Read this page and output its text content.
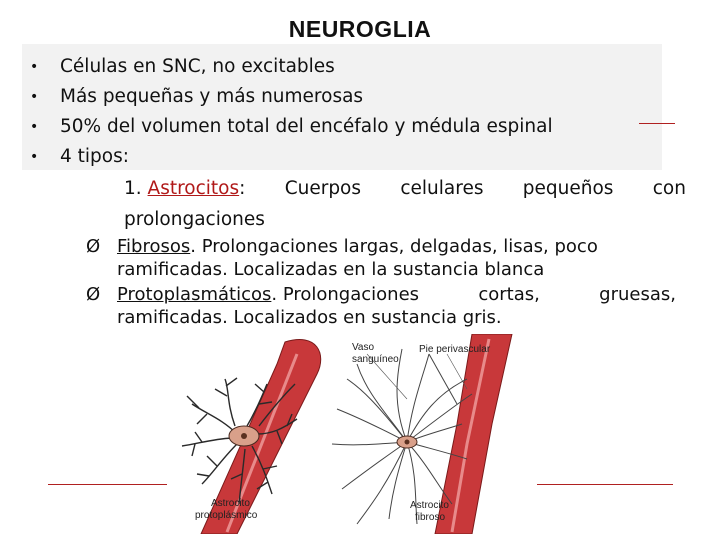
NEUROGLIA
• Células en SNC, no excitables
• Más pequeñas y más numerosas
• 50% del volumen total del encéfalo y médula espinal
• 4 tipos:
1. Astrocitos: Cuerpos celulares pequeños con
prolongaciones
Ø Fibrosos. Prolongaciones largas, delgadas, lisas, poco
ramificadas. Localizadas en la sustancia blanca
Ø Protoplasmáticos. Prolongaciones	cortas,	gruesas,
ramificadas. Localizados en sustancia gris.
Vaso
sanguíneo
Pie perivascular
Astrocito
protoplásmico
Astrocito
fibroso
